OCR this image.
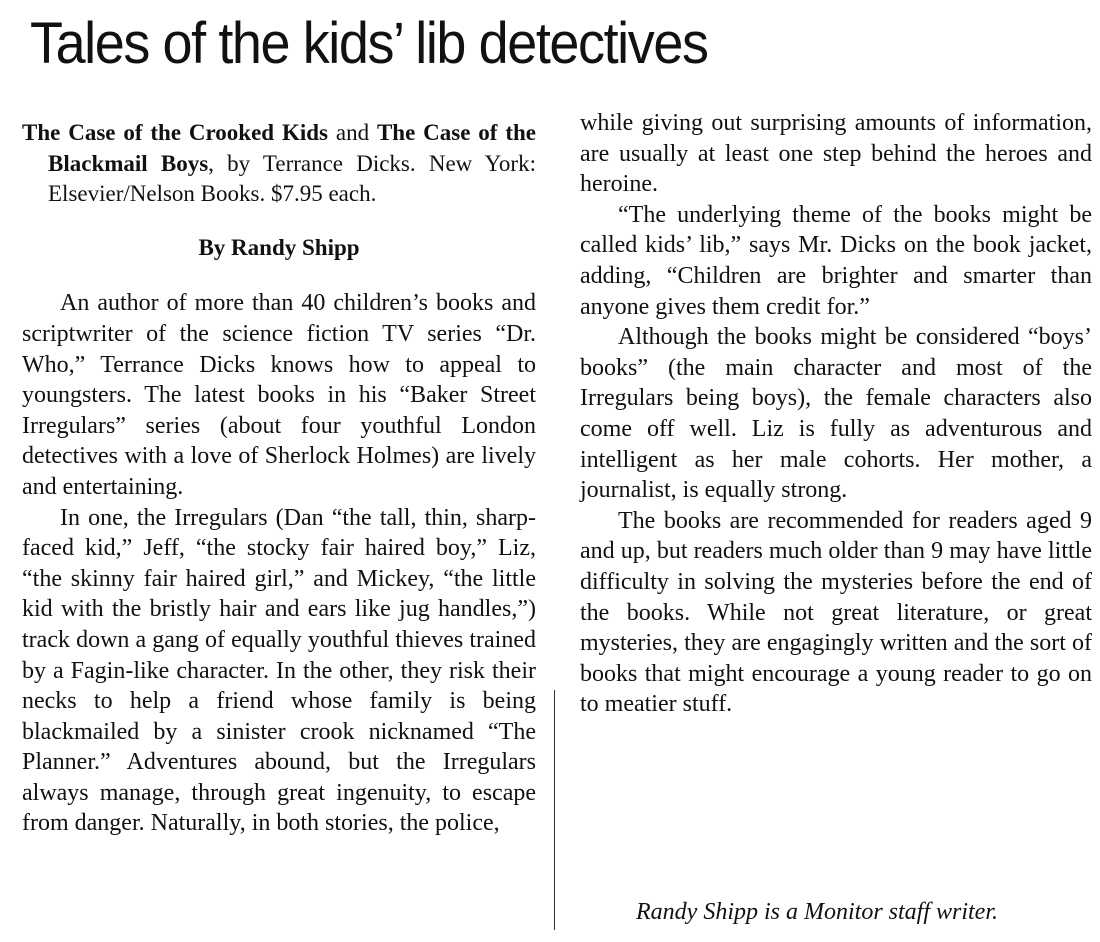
Tales of the kids’ lib detectives

The Case of the Crooked Kids and The Case of the Blackmail Boys, by Terrance Dicks. New York: Elsevier/Nelson Books. $7.95 each.

By Randy Shipp

An author of more than 40 children’s books and scriptwriter of the science fiction TV series “Dr. Who,” Terrance Dicks knows how to appeal to youngsters. The latest books in his “Baker Street Irregulars” series (about four youthful London detectives with a love of Sherlock Holmes) are lively and entertaining.

In one, the Irregulars (Dan “the tall, thin, sharp-faced kid,” Jeff, “the stocky fair haired boy,” Liz, “the skinny fair haired girl,” and Mickey, “the little kid with the bristly hair and ears like jug handles,”) track down a gang of equally youthful thieves trained by a Fagin-like character. In the other, they risk their necks to help a friend whose family is being blackmailed by a sinister crook nicknamed “The Planner.” Adventures abound, but the Irregulars always manage, through great ingenuity, to escape from danger. Naturally, in both stories, the police,

while giving out surprising amounts of information, are usually at least one step behind the heroes and heroine.

“The underlying theme of the books might be called kids’ lib,” says Mr. Dicks on the book jacket, adding, “Children are brighter and smarter than anyone gives them credit for.”

Although the books might be considered “boys’ books” (the main character and most of the Irregulars being boys), the female characters also come off well. Liz is fully as adventurous and intelligent as her male cohorts. Her mother, a journalist, is equally strong.

The books are recommended for readers aged 9 and up, but readers much older than 9 may have little difficulty in solving the mysteries before the end of the books. While not great literature, or great mysteries, they are engagingly written and the sort of books that might encourage a young reader to go on to meatier stuff.

Randy Shipp is a Monitor staff writer.
